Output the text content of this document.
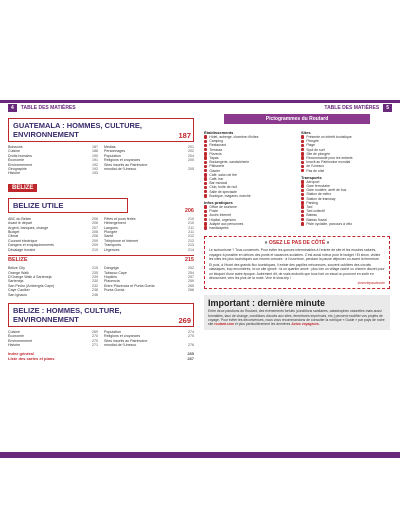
4	TABLE DES MATIÈRES	TABLE DES MATIÈRES	5
GUATEMALA : HOMMES, CULTURE, ENVIRONNEMENT	187
Boissons	187
Cuisine	188
Droits humains	190
Économie	191
Environnement	192
Géographie	192
Histoire	193
Médias	201
Personnages	202
Population	204
Religions et croyances	205
Sites inscrits au Patrimoine
mondial de l'Unesco	205
BELIZE
BELIZE UTILE
206
ABC du Belize	206
Avant le départ	206
Argent, banques, change	207
Budget	208
Climat	208
Courant électrique	209
Dangers et enquiquinements	209
Décalage horaire	210
Fêtes et jours fériés	210
Hébergement	210
Langues	211
Plongée	211
Santé	212
Téléphone et Internet	212
Transports	213
Urgences	214
BELIZE	215
Belize City	215
Orange Walk	235
D'Orange Walk à Sarteneja	239
Sarteneja	230
San Pedro (Ambergris Caye)	232
Caye Caulker	238
San Ignacio	246
Dangriga	252
Tobacco Caye	254
Hopkins	257
Placencia	259
Entre Placencia et Punta Gorda	265
Punta Gorda	266
BELIZE : HOMMES, CULTURE, ENVIRONNEMENT	269
Cuisine	269
Économie	270
Environnement	270
Histoire	271
Population	274
Religions et croyances	275
Sites inscrits au Patrimoine
mondial de l'Unesco	276
Index général	285
Liste des cartes et plans	287
Pictogrammes du Routard
Établissements
Hôtel, auberge, chambre d'hôtes
Camping
Restaurant
Terrasse
Pizzeria
Tapas
Boulangerie, sandwicherie
Pâtisserie
Glacier
Café, salon de thé
Café, bar
Bar musical
Club, boîte de nuit
Salle de spectacle
Boutique, magasin, marché
Infos pratiques
Office de tourisme
Poste
Accès Internet
Hôpital, urgences
Adapté aux personnes
handicapées
Sites
Présente un intérêt touristique
Plongée
Plage
Spot de surf
Site de plongée
Recommandé pour les enfants
Inscrit au Patrimoine mondial
de l'Unesco
Pas de côté
Transports
Aéroport
Gare ferroviaire
Gare routière, arrêt de bus
Station de métro
Station de tramway
Parking
Taxi
Taxi collectif
Bateau
Bateau fluvial
Piste cyclable, parcours à vélo
« OSEZ LE PAS DE CÔTÉ »
Le surtourisme ? Tous concernés. Pour éviter les queues interminables à l'entrée de site et les musées saturés, voyagez à possible en dehors des ponts et vacances scolaires. C'est aussi mieux pour le budget ! Et sinon, visitez les sites les plus touristiques aux heures creuses : à l'ouverture, pendant la pause déjeuner ou avant la fermeture.
Et puis, à l'écart des grands flux touristiques, il existe des papilles méconnues, souvent oubliées des circuits classiques, trop encombrés, ici un site ignoré : là un quartier ancré : plus loin un village caché ou chemin discret pour un bloquet d'une autre époque. Autrement dit, de vrais endroits que tous font un essai ou pourront en sortir en découvrant, vers les plus de la route. Vive le slow-trip !
#osezlepasdecote
Important : dernière minute
Entre deux parutions du Routard, des événements fortuits (conditions sanitaires, catastrophes naturelles mais aussi formalités, taux de change, conditions d'accès aux sites, fermetures imprévues, etc.) peuvent modifier vos projets de voyage. Pour éviter les déconvenues, nous vous recommandons de consulter la rubrique « Guide » par pays de notre site routard.com et plus particulièrement les dernières Actus voyageurs.
